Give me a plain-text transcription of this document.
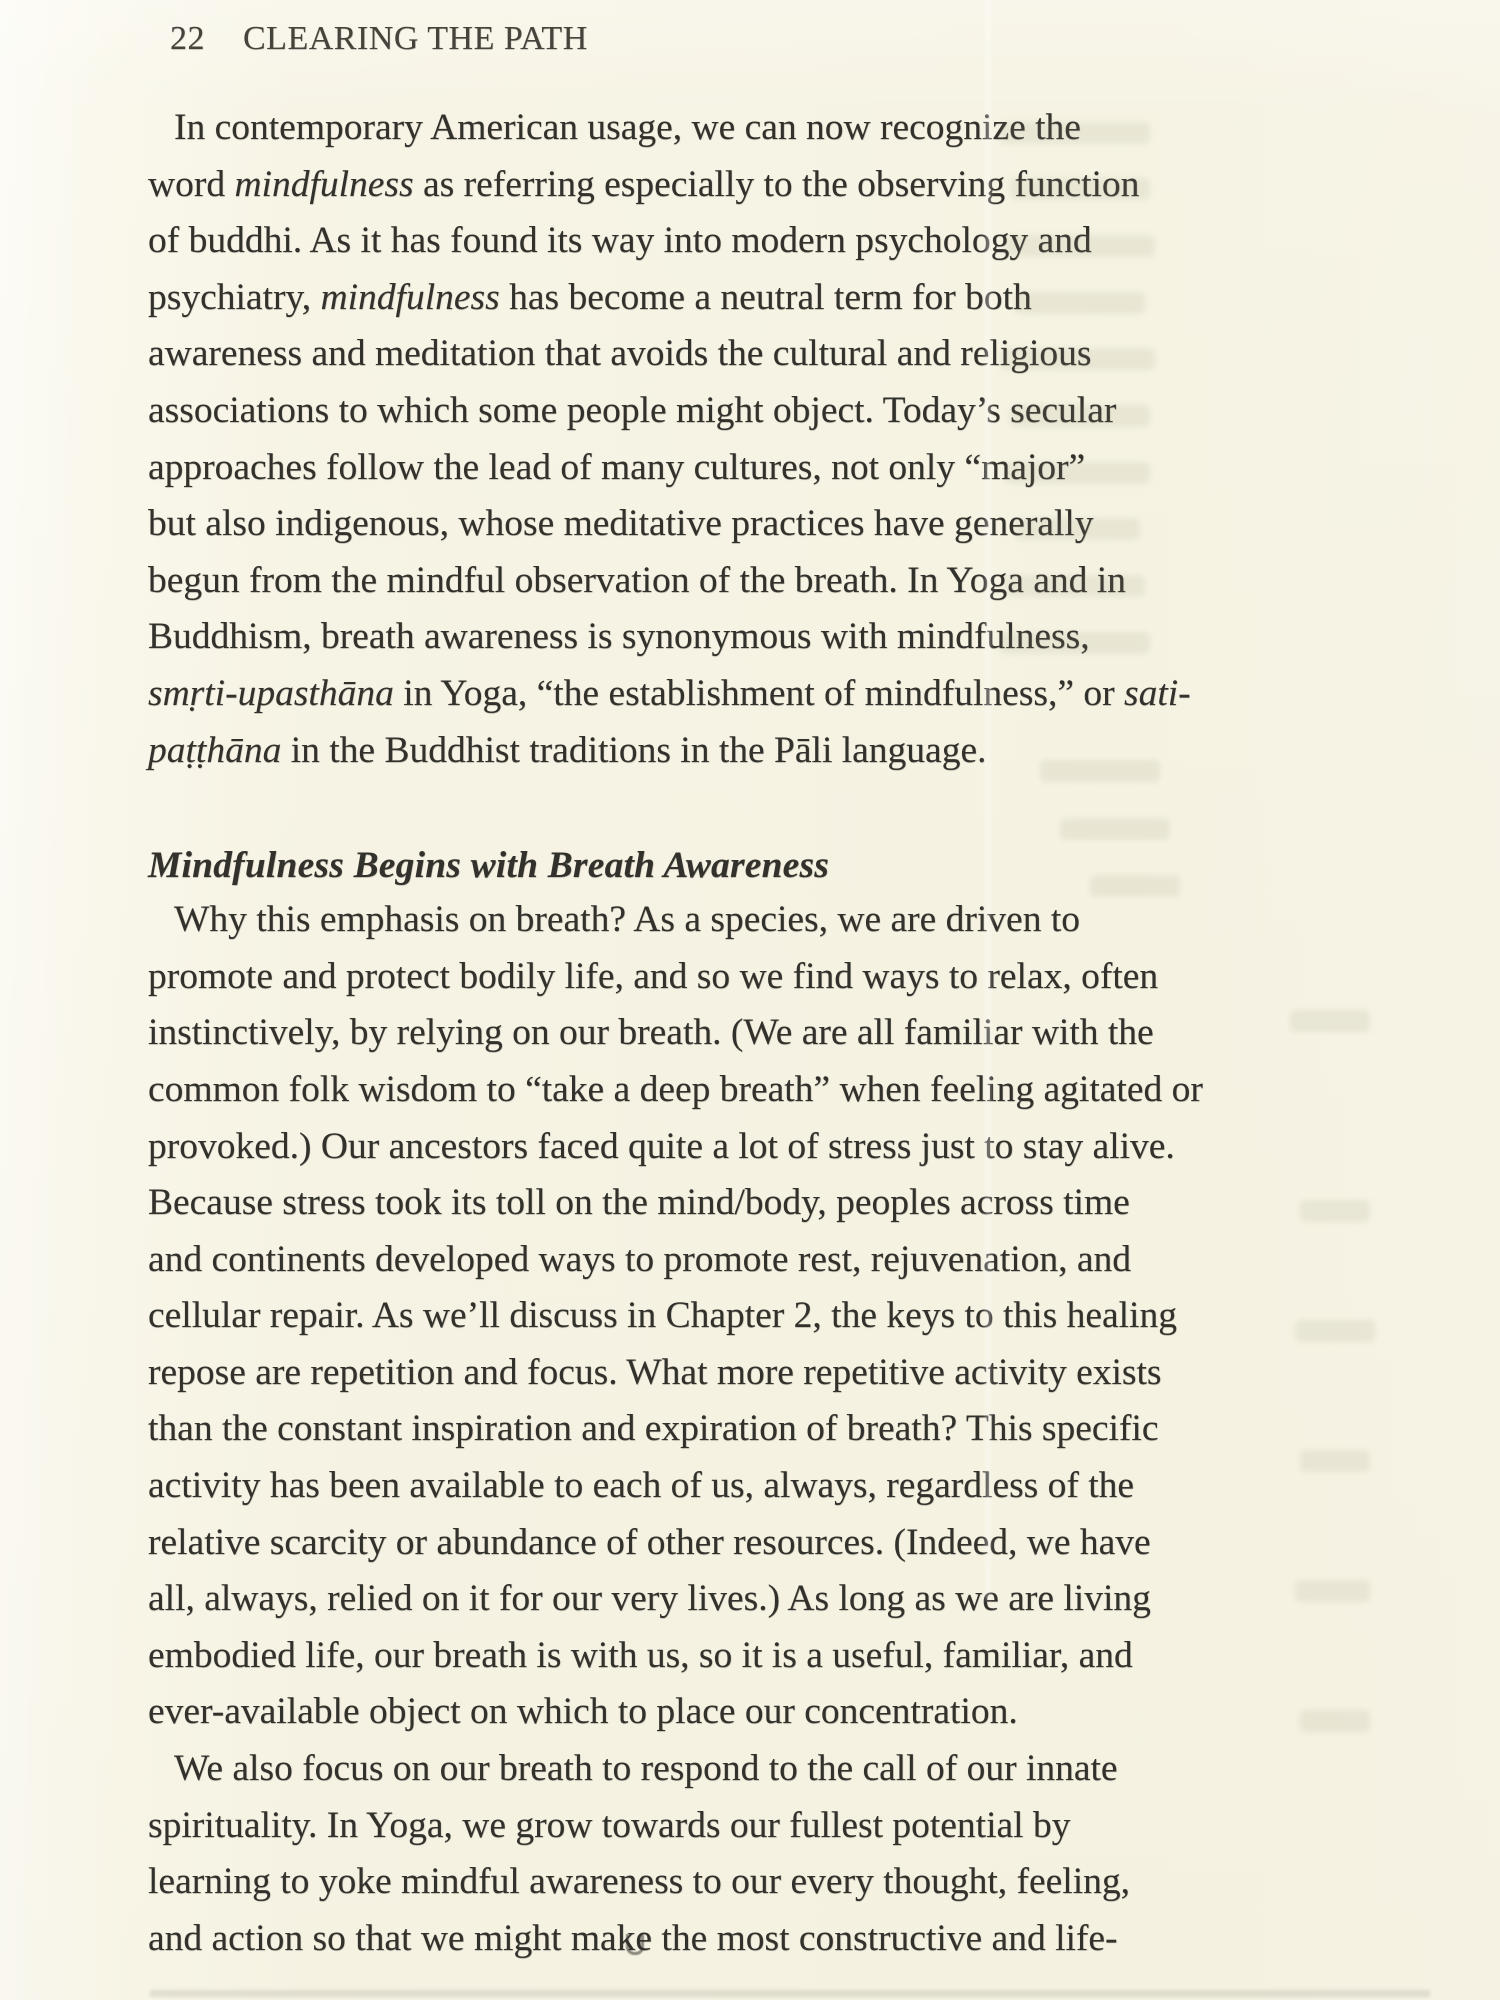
22 CLEARING THE PATH
In contemporary American usage, we can now recognize the
word mindfulness as referring especially to the observing function
of buddhi. As it has found its way into modern psychology and
psychiatry, mindfulness has become a neutral term for both
awareness and meditation that avoids the cultural and religious
associations to which some people might object. Today’s secular
approaches follow the lead of many cultures, not only “major”
but also indigenous, whose meditative practices have generally
begun from the mindful observation of the breath. In Yoga and in
Buddhism, breath awareness is synonymous with mindfulness,
smṛti-upasthāna in Yoga, “the establishment of mindfulness,” or sati-
paṭṭhāna in the Buddhist traditions in the Pāli language.
Mindfulness Begins with Breath Awareness
Why this emphasis on breath? As a species, we are driven to
promote and protect bodily life, and so we find ways to relax, often
instinctively, by relying on our breath. (We are all familiar with the
common folk wisdom to “take a deep breath” when feeling agitated or
provoked.) Our ancestors faced quite a lot of stress just to stay alive.
Because stress took its toll on the mind/body, peoples across time
and continents developed ways to promote rest, rejuvenation, and
cellular repair. As we’ll discuss in Chapter 2, the keys to this healing
repose are repetition and focus. What more repetitive activity exists
than the constant inspiration and expiration of breath? This specific
activity has been available to each of us, always, regardless of the
relative scarcity or abundance of other resources. (Indeed, we have
all, always, relied on it for our very lives.) As long as we are living
embodied life, our breath is with us, so it is a useful, familiar, and
ever-available object on which to place our concentration.
We also focus on our breath to respond to the call of our innate
spirituality. In Yoga, we grow towards our fullest potential by
learning to yoke mindful awareness to our every thought, feeling,
and action so that we might make the most constructive and life-
